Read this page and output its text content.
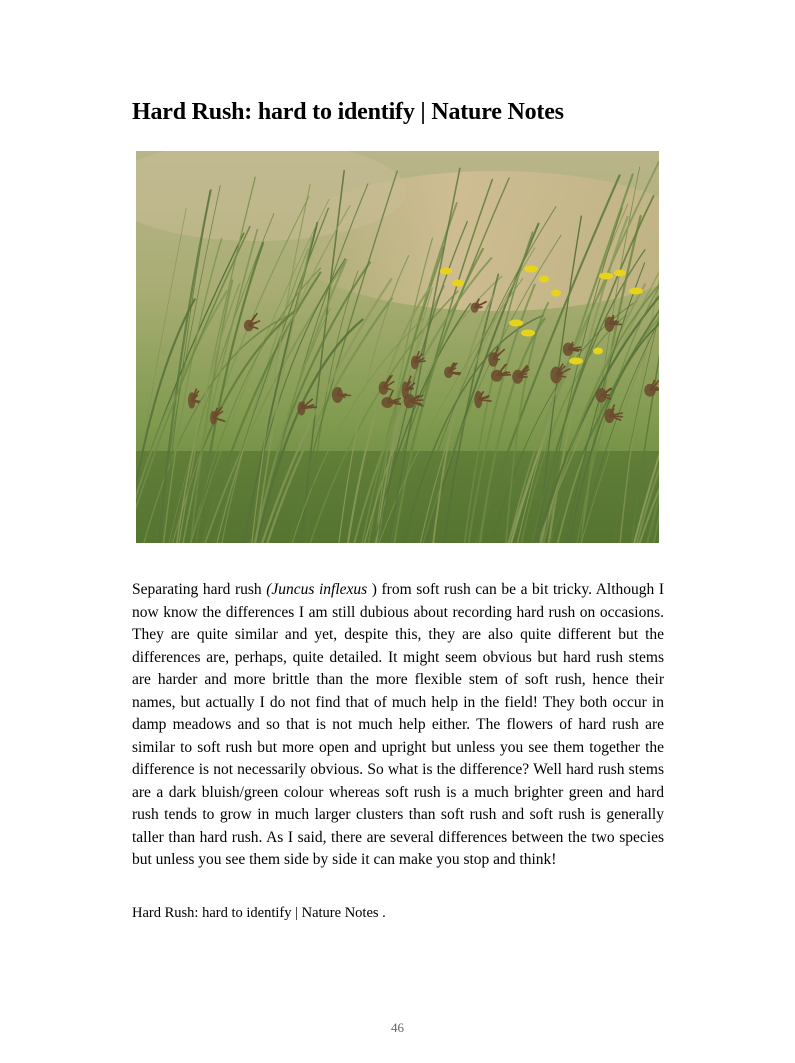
Hard Rush: hard to identify | Nature Notes

Separating hard rush (Juncus inflexus ) from soft rush can be a bit tricky. Although I now know the differences I am still dubious about recording hard rush on occasions. They are quite similar and yet, despite this, they are also quite different but the differences are, perhaps, quite detailed. It might seem obvious but hard rush stems are harder and more brittle than the more flexible stem of soft rush, hence their names, but actually I do not find that of much help in the field! They both occur in damp meadows and so that is not much help either. The flowers of hard rush are similar to soft rush but more open and upright but unless you see them together the difference is not necessarily obvious. So what is the difference? Well hard rush stems are a dark bluish/green colour whereas soft rush is a much brighter green and hard rush tends to grow in much larger clusters than soft rush and soft rush is generally taller than hard rush. As I said, there are several differences between the two species but unless you see them side by side it can make you stop and think!

Hard Rush: hard to identify | Nature Notes .

46
